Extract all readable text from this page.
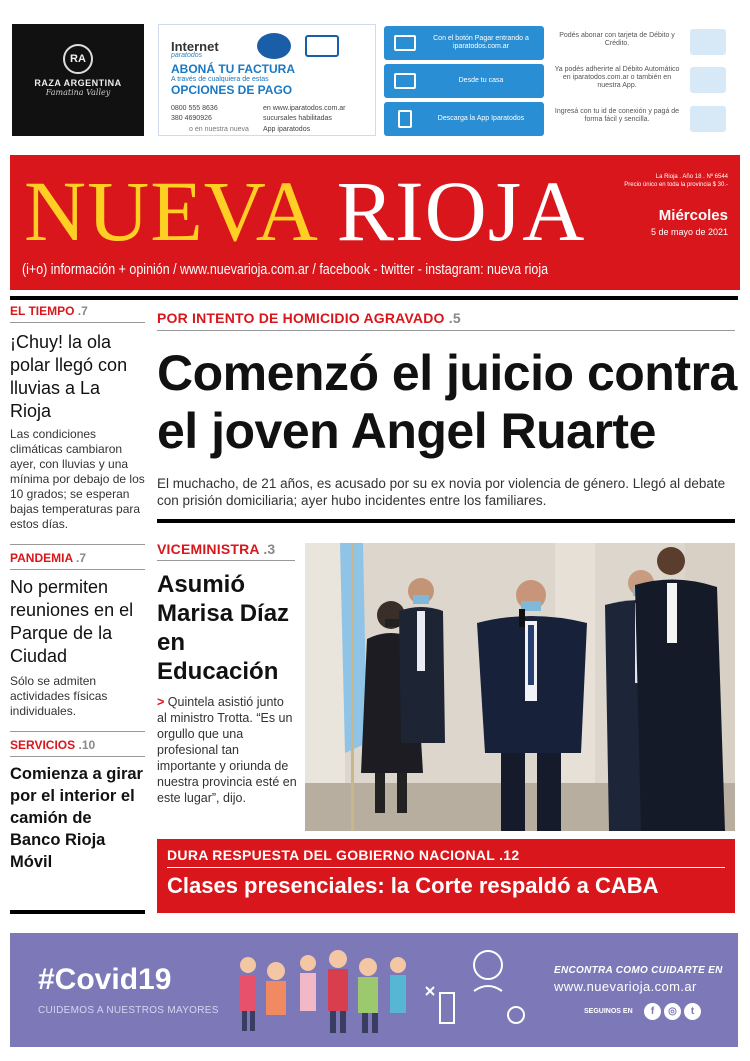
RA
RAZA ARGENTINA
Famatina Valley
Internet
paratodos
ABONÁ TU FACTURA
A través de cualquiera de estas
OPCIONES DE PAGO
0800 555 8636
380 4690926
en www.iparatodos.com.ar
sucursales habilitadas
o en nuestra nueva App iparatodos
Con el botón Pagar entrando a iparatodos.com.ar
Desde tu casa
Descarga la App Iparatodos
Podés abonar con tarjeta de Débito y Crédito.
Ya podés adherirte al Débito Automático en iparatodos.com.ar o también en nuestra App.
Ingresá con tu id de conexión y pagá de forma fácil y sencilla.
NUEVA RIOJA	La Rioja . Año 18 . Nº 6544
Precio único en toda la provincia $ 30.-
Miércoles
5 de mayo de 2021
(i+o) información + opinión / www.nuevarioja.com.ar / facebook - twitter - instagram: nueva rioja
EL TIEMPO .7
¡Chuy! la ola polar llegó con lluvias a La Rioja
Las condiciones climáticas cambiaron ayer, con lluvias y una mínima por debajo de los 10 grados; se esperan bajas temperaturas para estos días.
PANDEMIA .7
No permiten reuniones en el Parque de la Ciudad
Sólo se admiten actividades físicas individuales.
SERVICIOS .10
Comienza a girar por el interior el camión de Banco Rioja Móvil
POR INTENTO DE HOMICIDIO AGRAVADO .5
Comenzó el juicio contra el joven Angel Ruarte
El muchacho, de 21 años, es acusado por su ex novia por violencia de género. Llegó al debate con prisión domiciliaria; ayer hubo incidentes entre los familiares.
VICEMINISTRA .3
Asumió Marisa Díaz en Educación
> Quintela asistió junto al ministro Trotta. “Es un orgullo que una profesional tan importante y oriunda de nuestra provincia esté en este lugar”, dijo.
DURA RESPUESTA DEL GOBIERNO NACIONAL .12
Clases presenciales: la Corte respaldó a CABA
#Covid19
CUIDEMOS A NUESTROS MAYORES
ENCONTRA COMO CUIDARTE EN
www.nuevarioja.com.ar
SEGUINOS EN	f	◎	t
